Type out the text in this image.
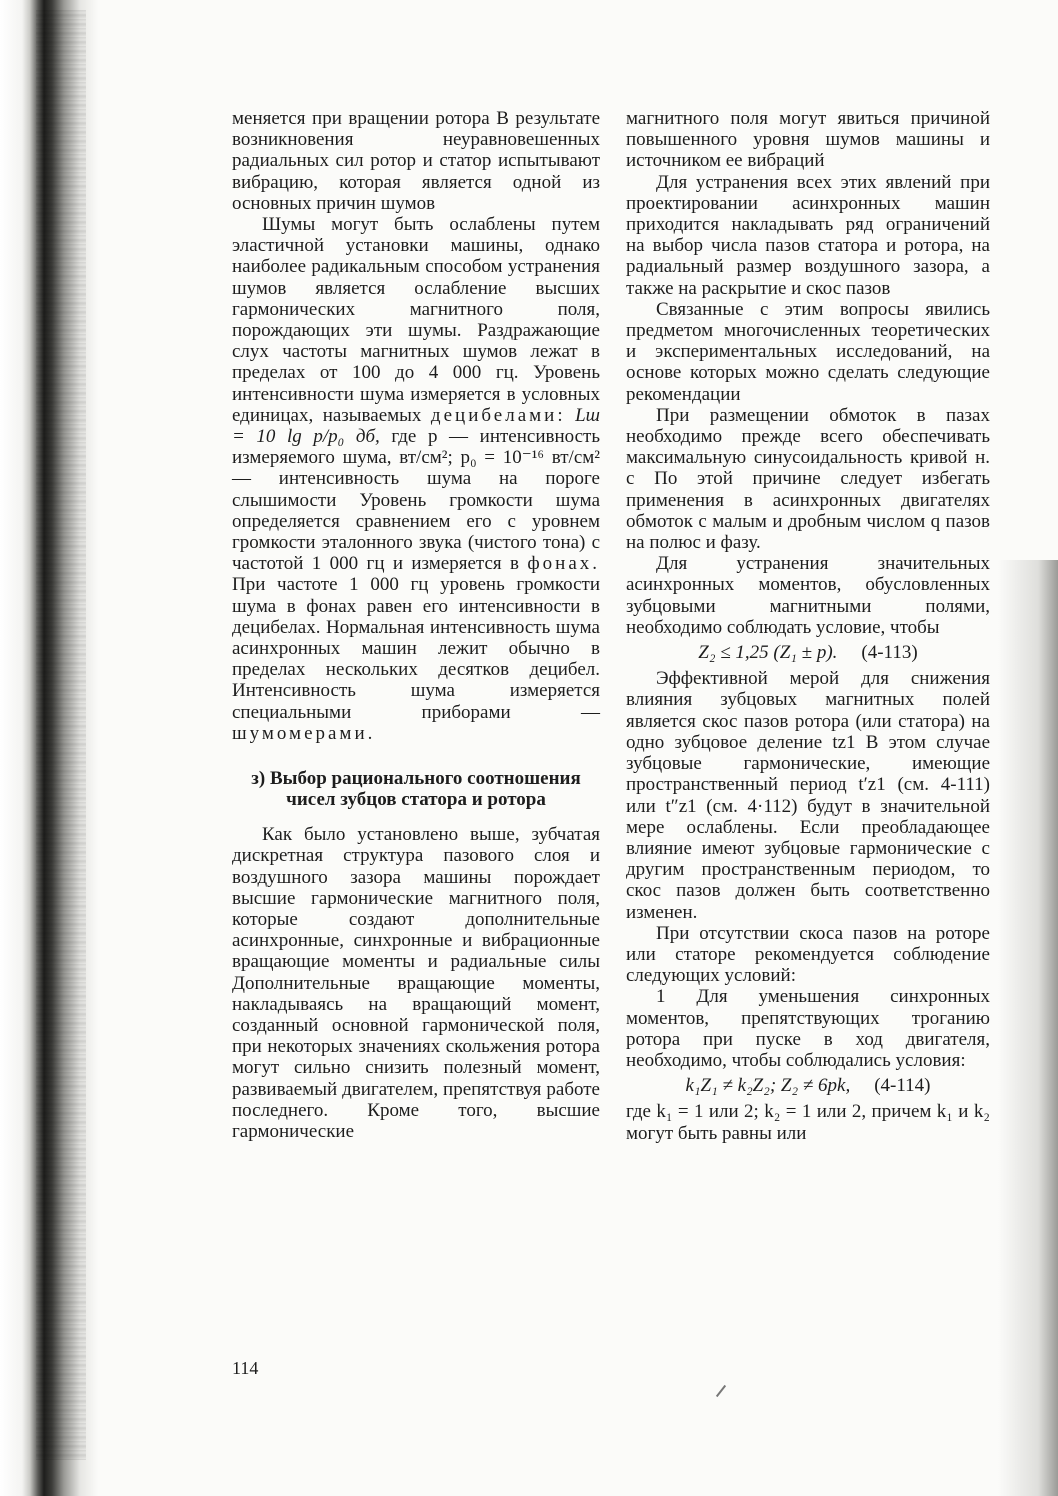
меняется при вращении ротора В результате возникновения неуравновешенных радиальных сил ротор и статор испытывают вибрацию, которая является одной из основных причин шумов

Шумы могут быть ослаблены путем эластичной установки машины, однако наиболее радикальным способом устранения шумов является ослабление высших гармонических магнитного поля, порождающих эти шумы. Раздражающие слух частоты магнитных шумов лежат в пределах от 100 до 4 000 гц. Уровень интенсивности шума измеряется в условных единицах, называемых децибелами: Lш = 10 lg p/p₀ дб, где p — интенсивность измеряемого шума, вт/см²; p₀ = 10⁻¹⁶ вт/см² — интенсивность шума на пороге слышимости Уровень громкости шума определяется сравнением его с уровнем громкости эталонного звука (чистого тона) с частотой 1 000 гц и измеряется в фонах. При частоте 1 000 гц уровень громкости шума в фонах равен его интенсивности в децибелах. Нормальная интенсивность шума асинхронных машин лежит обычно в пределах нескольких десятков децибел. Интенсивность шума измеряется специальными приборами — шумомерами.

з) Выбор рационального соотношения чисел зубцов статора и ротора

Как было установлено выше, зубчатая дискретная структура пазового слоя и воздушного зазора машины порождает высшие гармонические магнитного поля, которые создают дополнительные асинхронные, синхронные и вибрационные вращающие моменты и радиальные силы Дополнительные вращающие моменты, накладываясь на вращающий момент, созданный основной гармонической поля, при некоторых значениях скольжения ротора могут сильно снизить полезный момент, развиваемый двигателем, препятствуя работе последнего. Кроме того, высшие гармонические

магнитного поля могут явиться причиной повышенного уровня шумов машины и источником ее вибраций

Для устранения всех этих явлений при проектировании асинхронных машин приходится накладывать ряд ограничений на выбор числа пазов статора и ротора, на радиальный размер воздушного зазора, а также на раскрытие и скос пазов

Связанные с этим вопросы явились предметом многочисленных теоретических и экспериментальных исследований, на основе которых можно сделать следующие рекомендации

При размещении обмоток в пазах необходимо прежде всего обеспечивать максимальную синусоидальность кривой н. с По этой причине следует избегать применения в асинхронных двигателях обмоток с малым и дробным числом q пазов на полюс и фазу.

Для устранения значительных асинхронных моментов, обусловленных зубцовыми магнитными полями, необходимо соблюдать условие, чтобы

Z₂ ≤ 1,25 (Z₁ ± p). (4-113)

Эффективной мерой для снижения влияния зубцовых магнитных полей является скос пазов ротора (или статора) на одно зубцовое деление tz1 В этом случае зубцовые гармонические, имеющие пространственный период t′z1 (см. 4-111) или t″z1 (см. 4·112) будут в значительной мере ослаблены. Если преобладающее влияние имеют зубцовые гармонические с другим пространственным периодом, то скос пазов должен быть соответственно изменен.

При отсутствии скоса пазов на роторе или статоре рекомендуется соблюдение следующих условий:

1 Для уменьшения синхронных моментов, препятствующих троганию ротора при пуске в ход двигателя, необходимо, чтобы соблюдались условия:

k₁Z₁ ≠ k₂Z₂; Z₂ ≠ 6pk, (4-114)

где k₁ = 1 или 2; k₂ = 1 или 2, причем k₁ и k₂ могут быть равны или

114
